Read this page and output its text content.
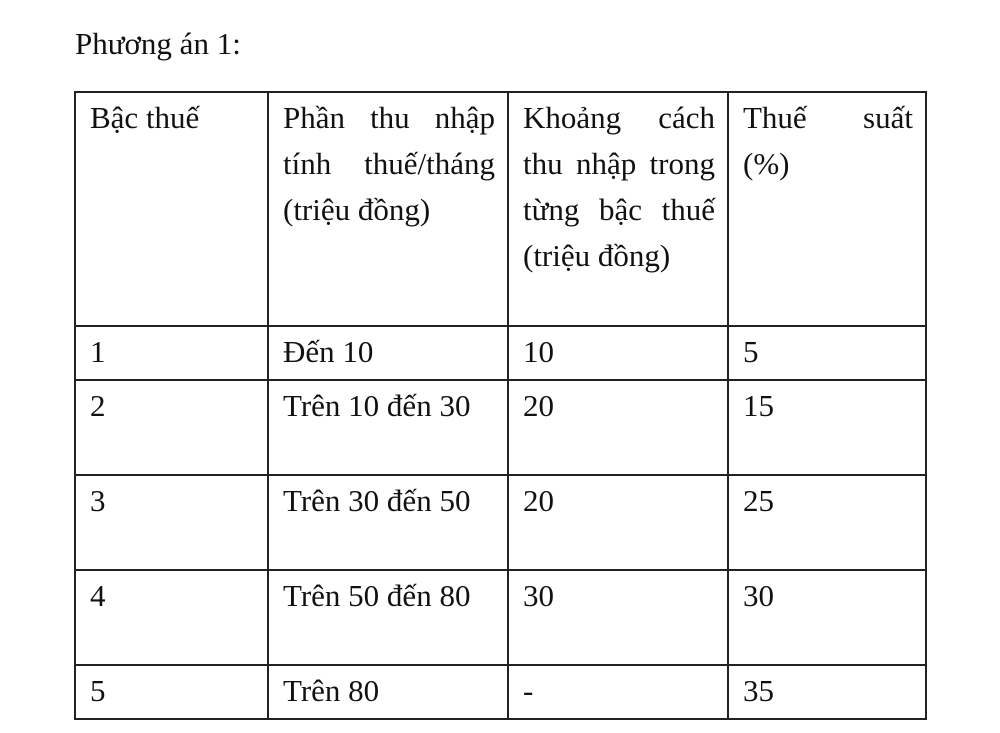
Phương án 1:
Bậc thuế	Phần thu nhập tính thuế/tháng (triệu đồng)	Khoảng cách thu nhập trong từng bậc thuế (triệu đồng)	Thuế suất (%)
1	Đến 10	10	5
2	Trên 10 đến 30	20	15
3	Trên 30 đến 50	20	25
4	Trên 50 đến 80	30	30
5	Trên 80	-	35
